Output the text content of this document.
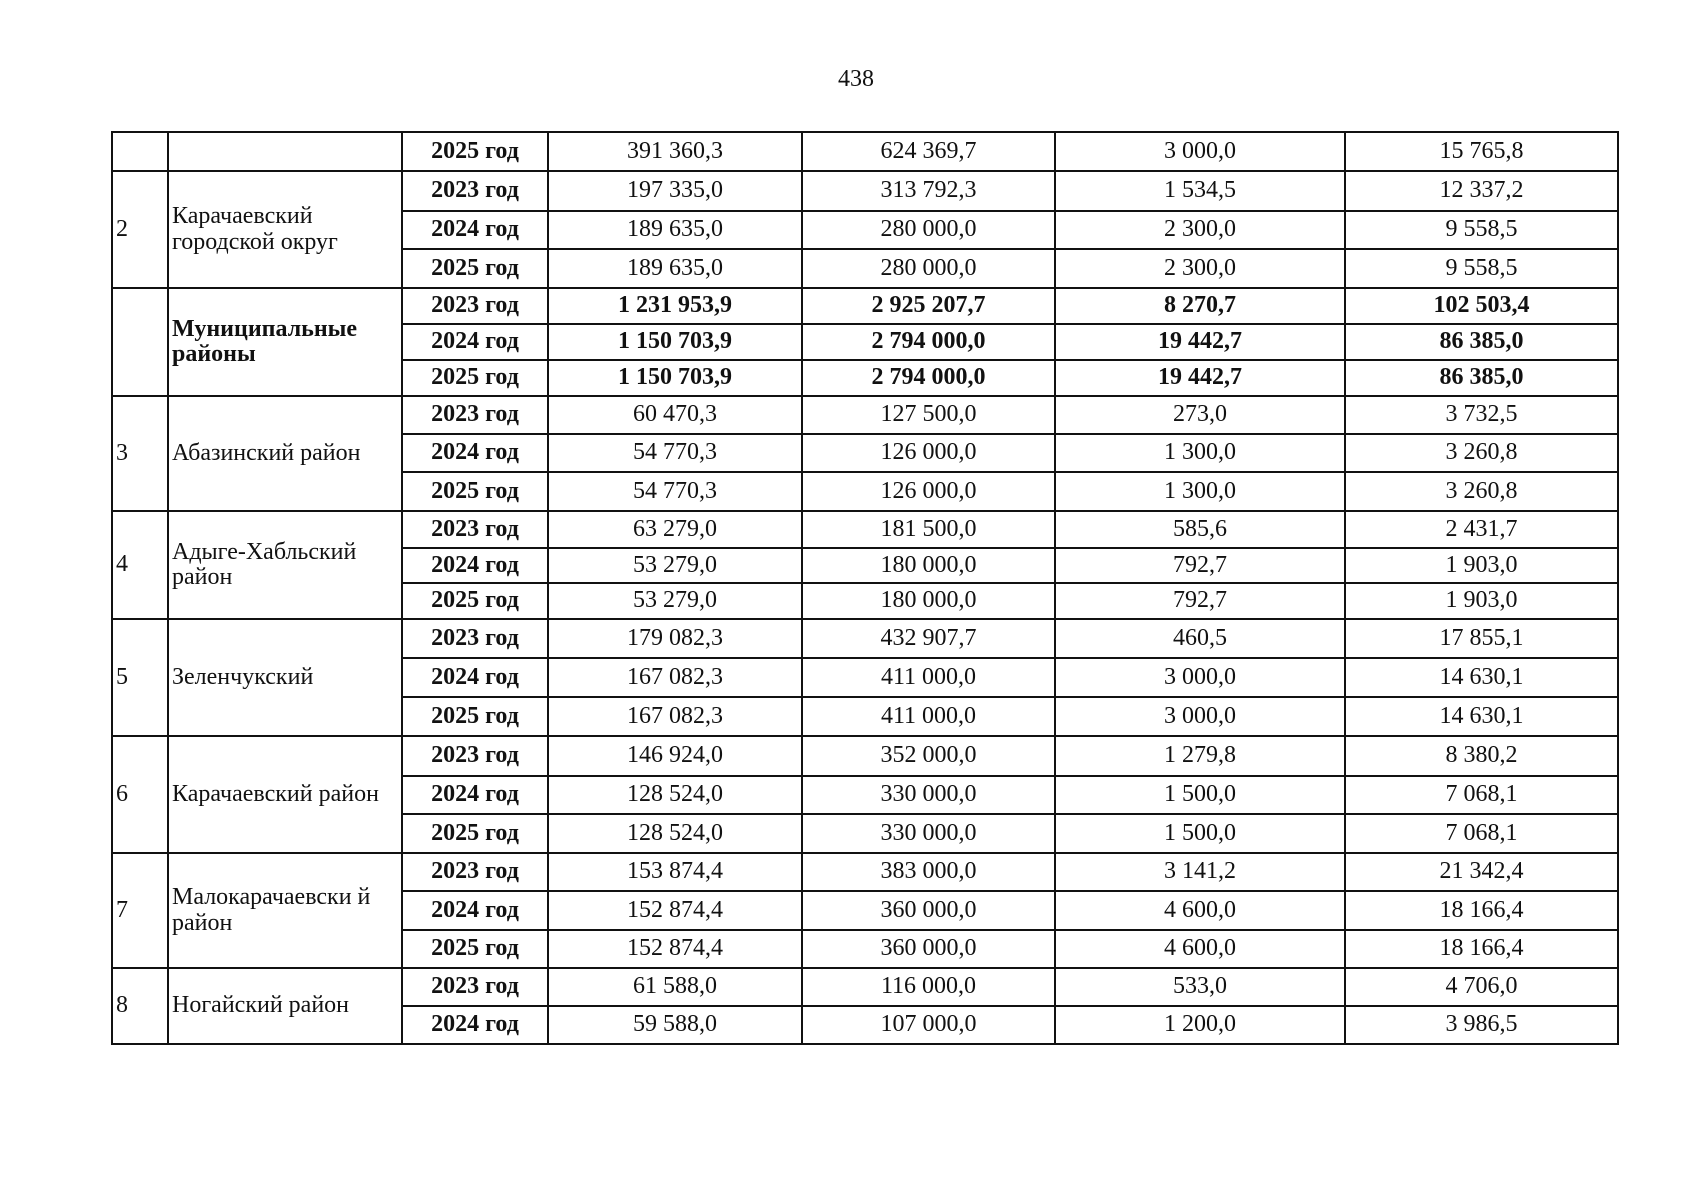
438
		2025 год	391 360,3	624 369,7	3 000,0	15 765,8
2	Карачаевский городской округ	2023 год	197 335,0	313 792,3	1 534,5	12 337,2
		2024 год	189 635,0	280 000,0	2 300,0	9 558,5
		2025 год	189 635,0	280 000,0	2 300,0	9 558,5
	Муниципальные районы	2023 год	1 231 953,9	2 925 207,7	8 270,7	102 503,4
		2024 год	1 150 703,9	2 794 000,0	19 442,7	86 385,0
		2025 год	1 150 703,9	2 794 000,0	19 442,7	86 385,0
3	Абазинский район	2023 год	60 470,3	127 500,0	273,0	3 732,5
		2024 год	54 770,3	126 000,0	1 300,0	3 260,8
		2025 год	54 770,3	126 000,0	1 300,0	3 260,8
4	Адыге-Хабльский район	2023 год	63 279,0	181 500,0	585,6	2 431,7
		2024 год	53 279,0	180 000,0	792,7	1 903,0
		2025 год	53 279,0	180 000,0	792,7	1 903,0
5	Зеленчукский	2023 год	179 082,3	432 907,7	460,5	17 855,1
		2024 год	167 082,3	411 000,0	3 000,0	14 630,1
		2025 год	167 082,3	411 000,0	3 000,0	14 630,1
6	Карачаевский район	2023 год	146 924,0	352 000,0	1 279,8	8 380,2
		2024 год	128 524,0	330 000,0	1 500,0	7 068,1
		2025 год	128 524,0	330 000,0	1 500,0	7 068,1
7	Малокарачаевски й район	2023 год	153 874,4	383 000,0	3 141,2	21 342,4
		2024 год	152 874,4	360 000,0	4 600,0	18 166,4
		2025 год	152 874,4	360 000,0	4 600,0	18 166,4
8	Ногайский район	2023 год	61 588,0	116 000,0	533,0	4 706,0
		2024 год	59 588,0	107 000,0	1 200,0	3 986,5
